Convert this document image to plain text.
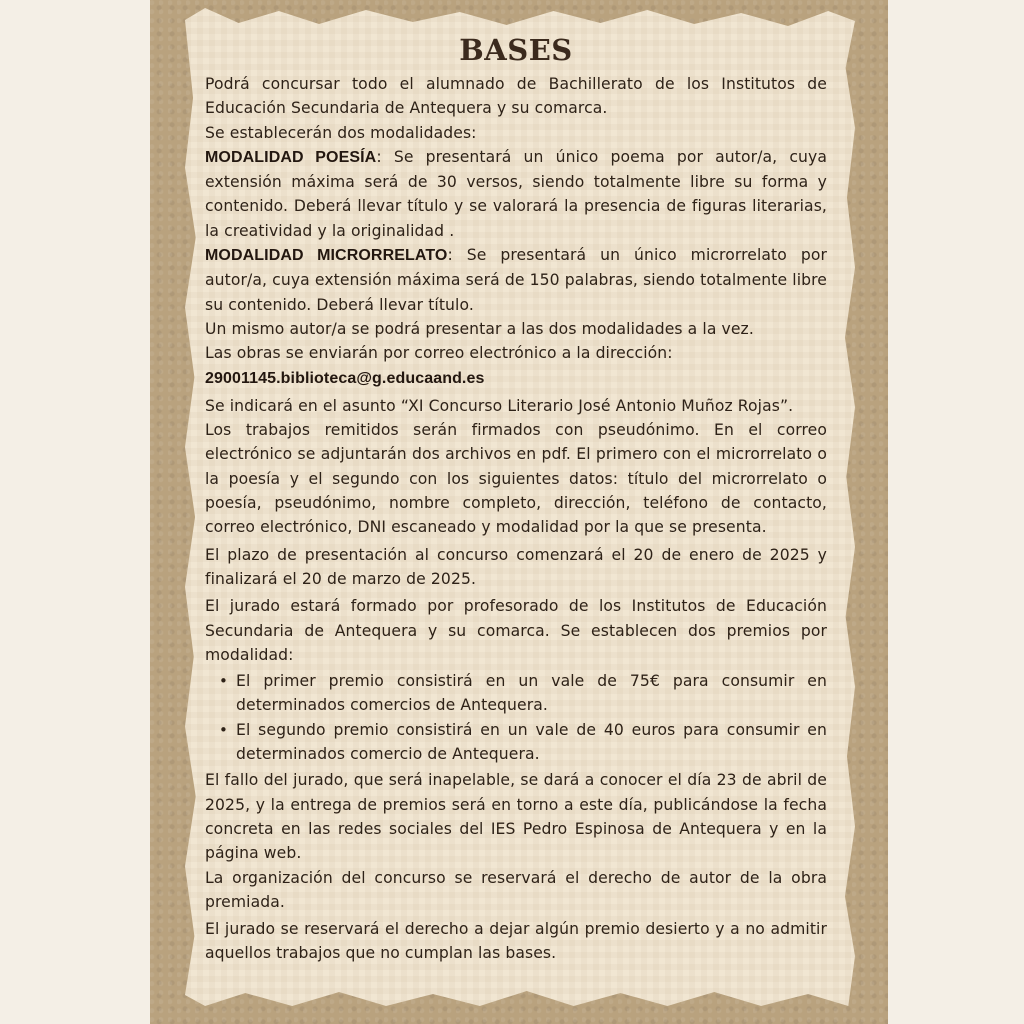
BASES

Podrá concursar todo el alumnado de Bachillerato de los Institutos de Educación Secundaria de Antequera y su comarca.

Se establecerán dos modalidades:

MODALIDAD POESÍA: Se presentará un único poema por autor/a, cuya extensión máxima será de 30 versos, siendo totalmente libre su forma y contenido. Deberá llevar título y se valorará la presencia de figuras literarias, la creatividad y la originalidad .

MODALIDAD MICRORRELATO: Se presentará un único microrrelato por autor/a, cuya extensión máxima será de 150 palabras, siendo totalmente libre su contenido. Deberá llevar título.

Un mismo autor/a se podrá presentar a las dos modalidades a la vez.

Las obras se enviarán por correo electrónico a la dirección:

29001145.biblioteca@g.educaand.es

Se indicará en el asunto “XI Concurso Literario José Antonio Muñoz Rojas”.

Los trabajos remitidos serán firmados con pseudónimo. En el correo electrónico se adjuntarán dos archivos en pdf. El primero con el microrrelato o la poesía y el segundo con los siguientes datos: título del microrrelato o poesía, pseudónimo, nombre completo, dirección, teléfono de contacto, correo electrónico, DNI escaneado y modalidad por la que se presenta.

El plazo de presentación al concurso comenzará el 20 de enero de 2025 y finalizará el 20 de marzo de 2025.

El jurado estará formado por profesorado de los Institutos de Educación Secundaria de Antequera y su comarca. Se establecen dos premios por modalidad:

• El primer premio consistirá en un vale de 75€ para consumir en determinados comercios de Antequera.
• El segundo premio consistirá en un vale de 40 euros para consumir en determinados comercio de Antequera.

El fallo del jurado, que será inapelable, se dará a conocer el día 23 de abril de 2025, y la entrega de premios será en torno a este día, publicándose la fecha concreta en las redes sociales del IES Pedro Espinosa de Antequera y en la página web.

La organización del concurso se reservará el derecho de autor de la obra premiada.

El jurado se reservará el derecho a dejar algún premio desierto y a no admitir aquellos trabajos que no cumplan las bases.
